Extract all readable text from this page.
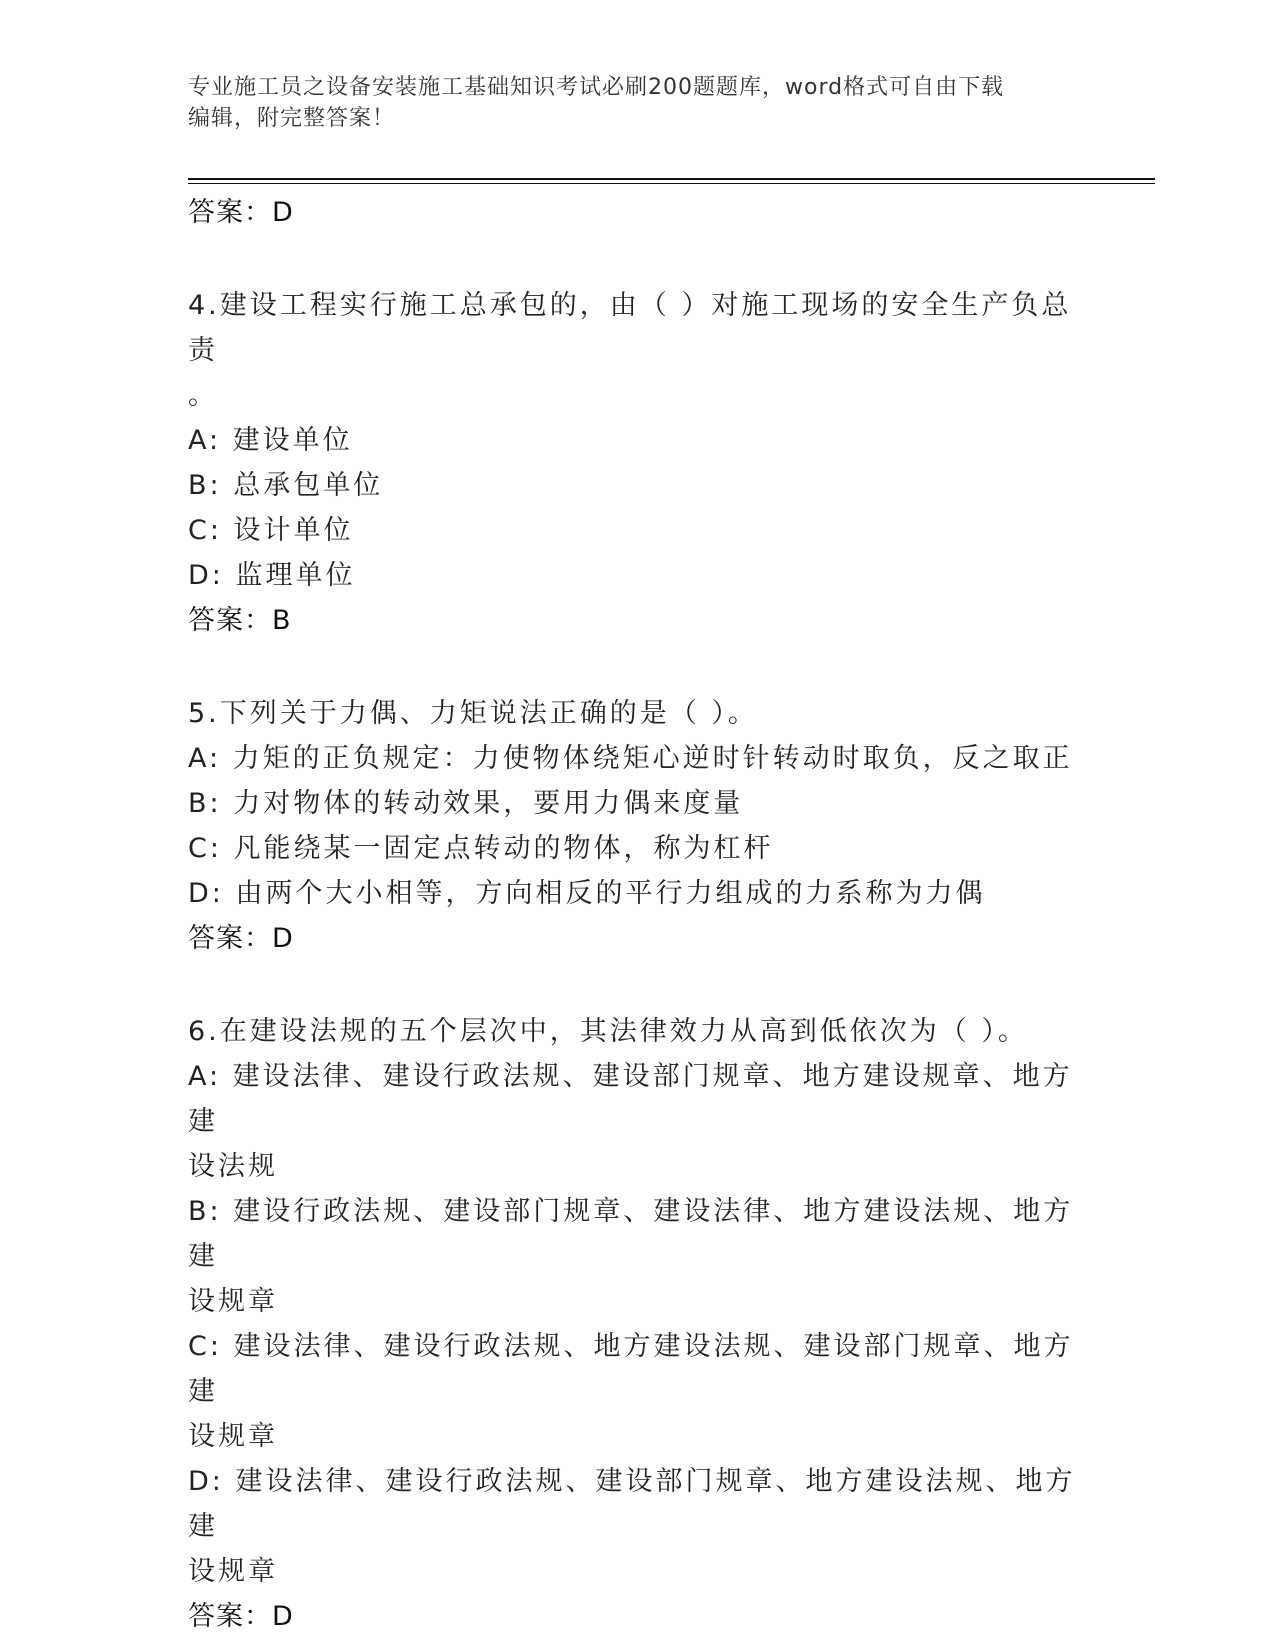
专业施工员之设备安装施工基础知识考试必刷200题题库，word格式可自由下载
编辑，附完整答案！
答案：D
4.建设工程实行施工总承包的，由（ ）对施工现场的安全生产负总责
。
A: 建设单位
B: 总承包单位
C: 设计单位
D: 监理单位
答案：B
5.下列关于力偶、力矩说法正确的是（ ）。
A: 力矩的正负规定：力使物体绕矩心逆时针转动时取负，反之取正
B: 力对物体的转动效果，要用力偶来度量
C: 凡能绕某一固定点转动的物体，称为杠杆
D: 由两个大小相等，方向相反的平行力组成的力系称为力偶
答案：D
6.在建设法规的五个层次中，其法律效力从高到低依次为（ ）。
A: 建设法律、建设行政法规、建设部门规章、地方建设规章、地方建
设法规
B: 建设行政法规、建设部门规章、建设法律、地方建设法规、地方建
设规章
C: 建设法律、建设行政法规、地方建设法规、建设部门规章、地方建
设规章
D: 建设法律、建设行政法规、建设部门规章、地方建设法规、地方建
设规章
答案：D
